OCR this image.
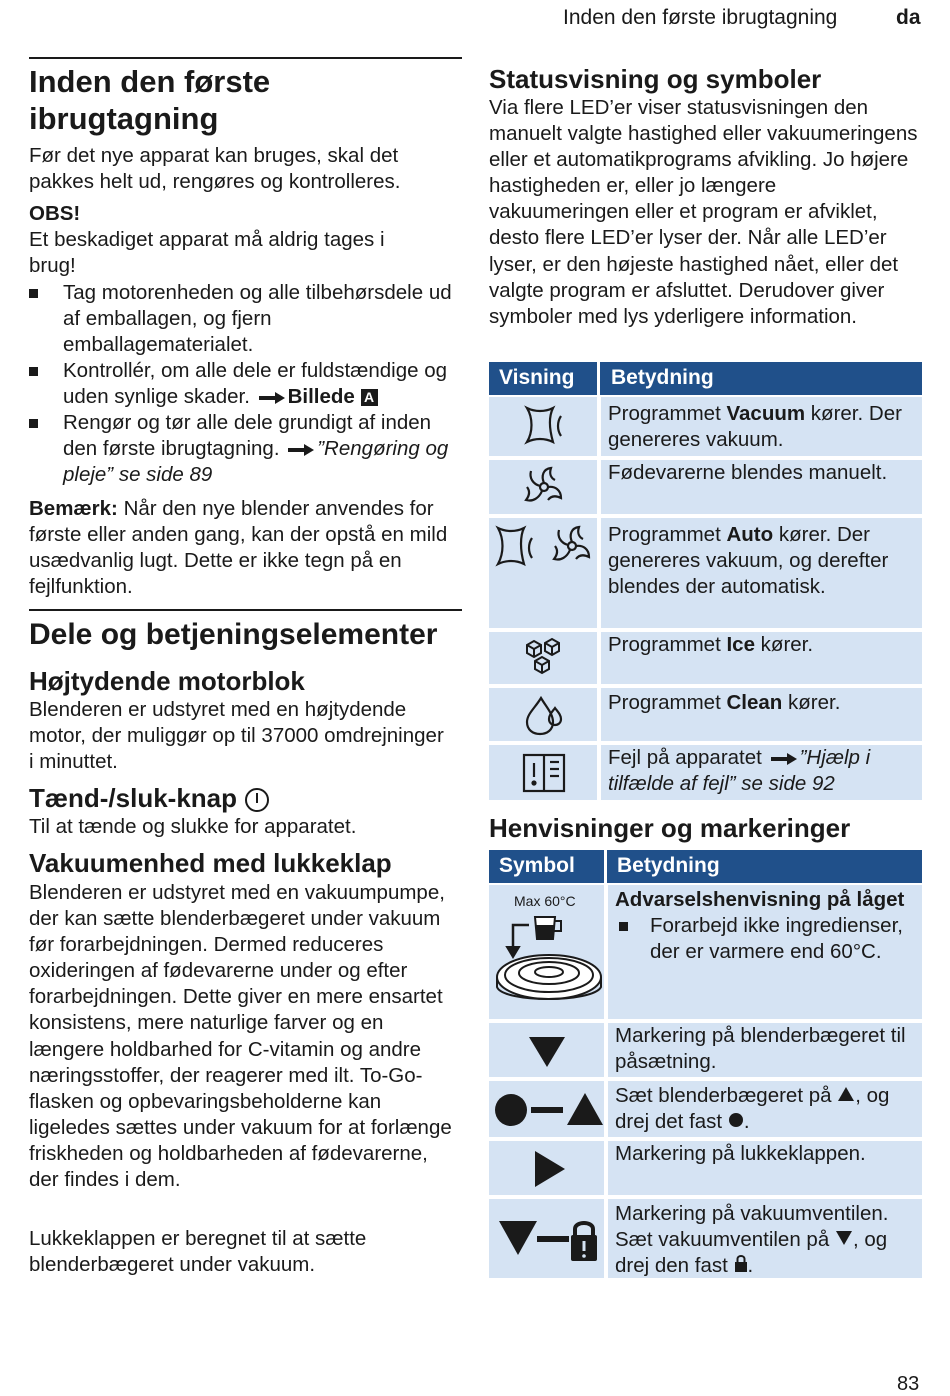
Inden den første ibrugtagning	da
Inden den første ibrugtagning
Før det nye apparat kan bruges, skal det pakkes helt ud, rengøres og kontrolleres.
OBS!
Et beskadiget apparat må aldrig tages i brug!
Tag motorenheden og alle tilbehørsdele ud af emballagen, og fjern emballagematerialet.
Kontrollér, om alle dele er fuldstændige og uden synlige skader. Billede A
Rengør og tør alle dele grundigt af inden den første ibrugtagning. ”Rengøring og pleje” se side 89
Bemærk: Når den nye blender anvendes for første eller anden gang, kan der opstå en mild usædvanlig lugt. Dette er ikke tegn på en fejlfunktion.
Dele og betjeningselementer
Højtydende motorblok
Blenderen er udstyret med en højtydende motor, der muliggør op til 37000 omdrejninger i minuttet.
Tænd-/sluk-knap
Til at tænde og slukke for apparatet.
Vakuumenhed med lukkeklap
Blenderen er udstyret med en vakuumpumpe, der kan sætte blenderbægeret under vakuum før forarbejdningen. Dermed reduceres oxideringen af fødevarerne under og efter forarbejdningen. Dette giver en mere ensartet konsistens, mere naturlige farver og en længere holdbarhed for C-vitamin og andre næringsstoffer, der reagerer med ilt. To-Go-flasken og opbevaringsbeholderne kan ligeledes sættes under vakuum for at forlænge friskheden og holdbarheden af fødevarerne, der findes i dem.
Lukkeklappen er beregnet til at sætte blenderbægeret under vakuum.
Statusvisning og symboler
Via flere LED’er viser statusvisningen den manuelt valgte hastighed eller vakuumeringens eller et automatikprograms afvikling. Jo højere hastigheden er, eller jo længere vakuumeringen eller et program er afviklet, desto flere LED’er lyser der. Når alle LED’er lyser, er den højeste hastighed nået, eller det valgte program er afsluttet. Derudover giver symboler med lys yderligere information.
Visning Betydning
Programmet Vacuum kører. Der genereres vakuum.
Fødevarerne blendes manuelt.
Programmet Auto kører. Der genereres vakuum, og derefter blendes der automatisk.
Programmet Ice kører.
Programmet Clean kører.
Fejl på apparatet ”Hjælp i tilfælde af fejl” se side 92
Henvisninger og markeringer
Symbol Betydning
Max 60°C Advarselshenvisning på låget
Forarbejd ikke ingredienser, der er varmere end 60°C.
Markering på blenderbægeret til påsætning.
Sæt blenderbægeret på , og drej det fast .
Markering på lukkeklappen.
Markering på vakuumventilen. Sæt vakuumventilen på , og drej den fast .
83
